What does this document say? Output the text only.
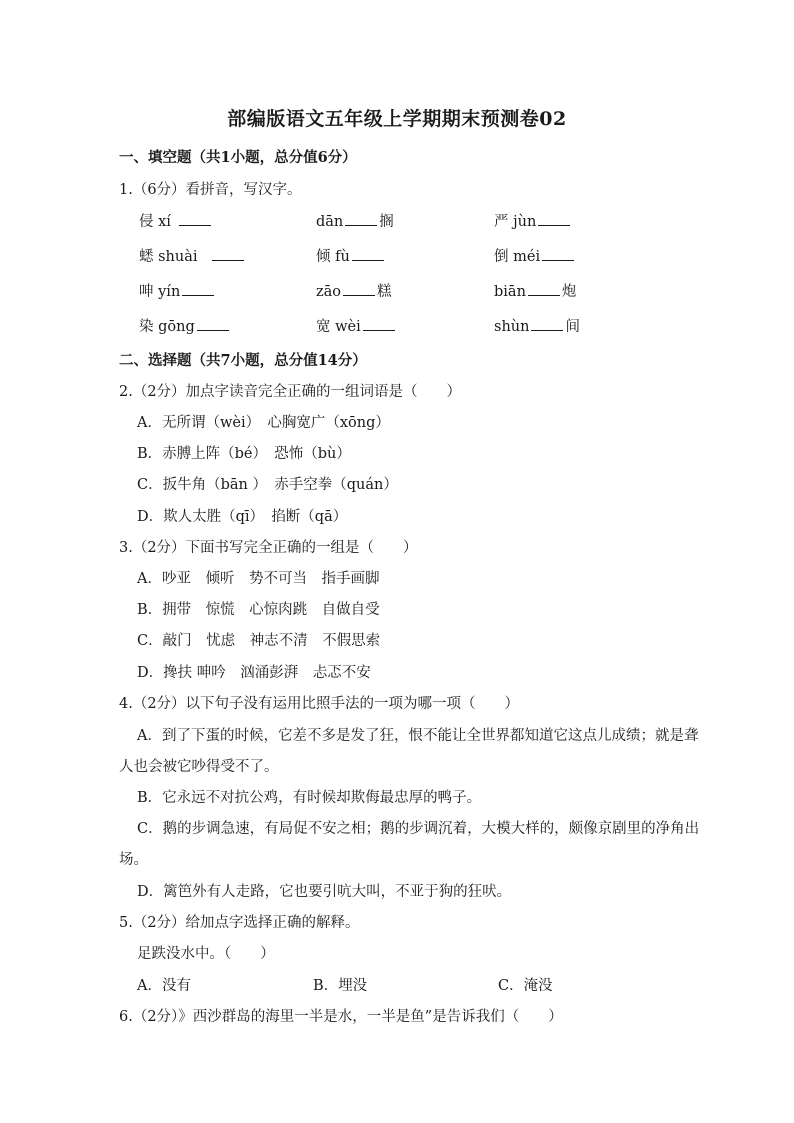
部编版语文五年级上学期期末预测卷02
一、填空题（共1小题，总分值6分）
1.（6分）看拼音，写汉字。
侵 xí	dān 搁	严 jùn
蟋 shuài	倾 fù	倒 méi
呻 yín	zāo 糕	biān 炮
染 gōng	宽 wèi	shùn 间
二、选择题（共7小题，总分值14分）
2.（2分）加点字读音完全正确的一组词语是（　　）
A．无所谓（wèi）　心胸宽广（xōng）
B．赤膊上阵（bé）　恐怖（bù）
C．扳牛角（bān ）　赤手空拳（quán）
D．欺人太胜（qī）　掐断（qā）
3.（2分）下面书写完全正确的一组是（　　）
A．吵亚　倾听　势不可当　指手画脚
B．拥带　惊慌　心惊肉跳　自做自受
C．敲门　忧虑　神志不清　不假思索
D．搀扶 呻吟　汹涌彭湃　忐忑不安
4.（2分）以下句子没有运用比照手法的一项为哪一项（　　）
A．到了下蛋的时候，它差不多是发了狂，恨不能让全世界都知道它这点儿成绩；就是聋
人也会被它吵得受不了。
B．它永远不对抗公鸡，有时候却欺侮最忠厚的鸭子。
C．鹅的步调急速，有局促不安之相；鹅的步调沉着，大模大样的，颇像京剧里的净角出
场。
D．篱笆外有人走路，它也要引吭大叫，不亚于狗的狂吠。
5.（2分）给加点字选择正确的解释。
足跌没水中。（　　）
A．没有	B．埋没	C．淹没
6.（2分）》西沙群岛的海里一半是水，一半是鱼”是告诉我们（　　）
